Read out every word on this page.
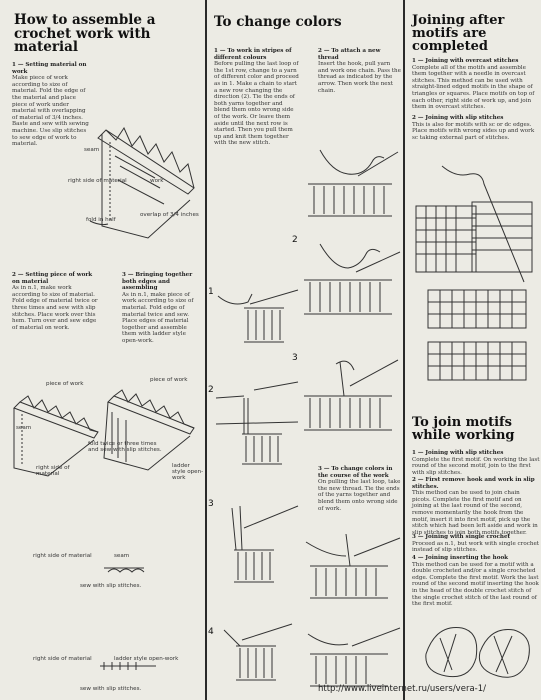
How to assemble a crochet work with material
1 — Setting material on work
Make piece of work according to size of material. Fold the edge of the material and place piece of work under material with overlapping of material of 3/4 inches. Baste and sew with sewing machine. Use slip stitches to sew edge of work to material.
seam
right side of material	work
fold in half
overlap of 3/4 inches
2 — Setting piece of work on material
As in n.1, make work according to size of material. Fold edge of material twice or three times and sew with slip stitches. Place work over this hem. Turn over and sew edge of material on work.
3 — Bringing together both edges and assembling
As in n.1, make piece of work according to size of material. Fold edge of material twice and sew. Place edges of material together and assemble them with ladder style open-work.
piece of work
piece of work
seam
fold twice or three times and sew with slip stitches.
right side of material
ladder style open-work
right side of material	seam
sew with slip stitches.
right side of material	ladder style open-work
sew with slip stitches.
To change colors
1 — To work in stripes of different colours
Before pulling the last loop of the 1st row, change to a yarn of different color and proceed as in 1. Make a chain to start a new row changing the direction (2). Tie the ends of both yarns together and blend them onto wrong side of the work. Or leave them aside until the next row is started. Then you pull them up and knit them together with the new stitch.
2 — To attach a new thread
Insert the hook, pull yarn and work one chain. Pass the thread as indicated by the arrow. Then work the next chain.
2
3
3 — To change colors in the course of the work
On pulling the last loop, take the new thread. Tie the ends of the yarns together and blend them onto wrong side of work.
1
2
3
4
Joining after motifs are completed
1 — Joining with overcast stitches
Complete all of the motifs and assemble them together with a needle in overcast stitches. This method can be used with straight-lined edged motifs in the shape of triangles or squares. Place motifs on top of each other, right side of work up, and join them in overcast stitches.
2 — Joining with slip stitches
This is also for motifs with sc or dc edges. Place motifs with wrong sides up and work sc taking external part of stitches.
To join motifs while working
1 — Joining with slip stitches
Complete the first motif. On working the last round of the second motif, join to the first with slip stitches.
2 — First remove hook and work in slip stitches.
This method can be used to join chain picots. Complete the first motif and on joining at the last round of the second, remove momentarily the hook from the motif, insert it into first motif, pick up the stitch which had been left aside and work in slip stitches to join both motifs together.
3 — Joining with single crochet
Proceed as n.1, but work with single crochet instead of slip stitches.
4 — Joining inserting the hook
This method can be used for a motif with a double crocheted and/or a single crocheted edge. Complete the first motif. Work the last round of the second motif inserting the hook in the head of the double crochet stitch of the single crochet stitch of the last round of the first motif.
http://www.liveinternet.ru/users/vera-1/
